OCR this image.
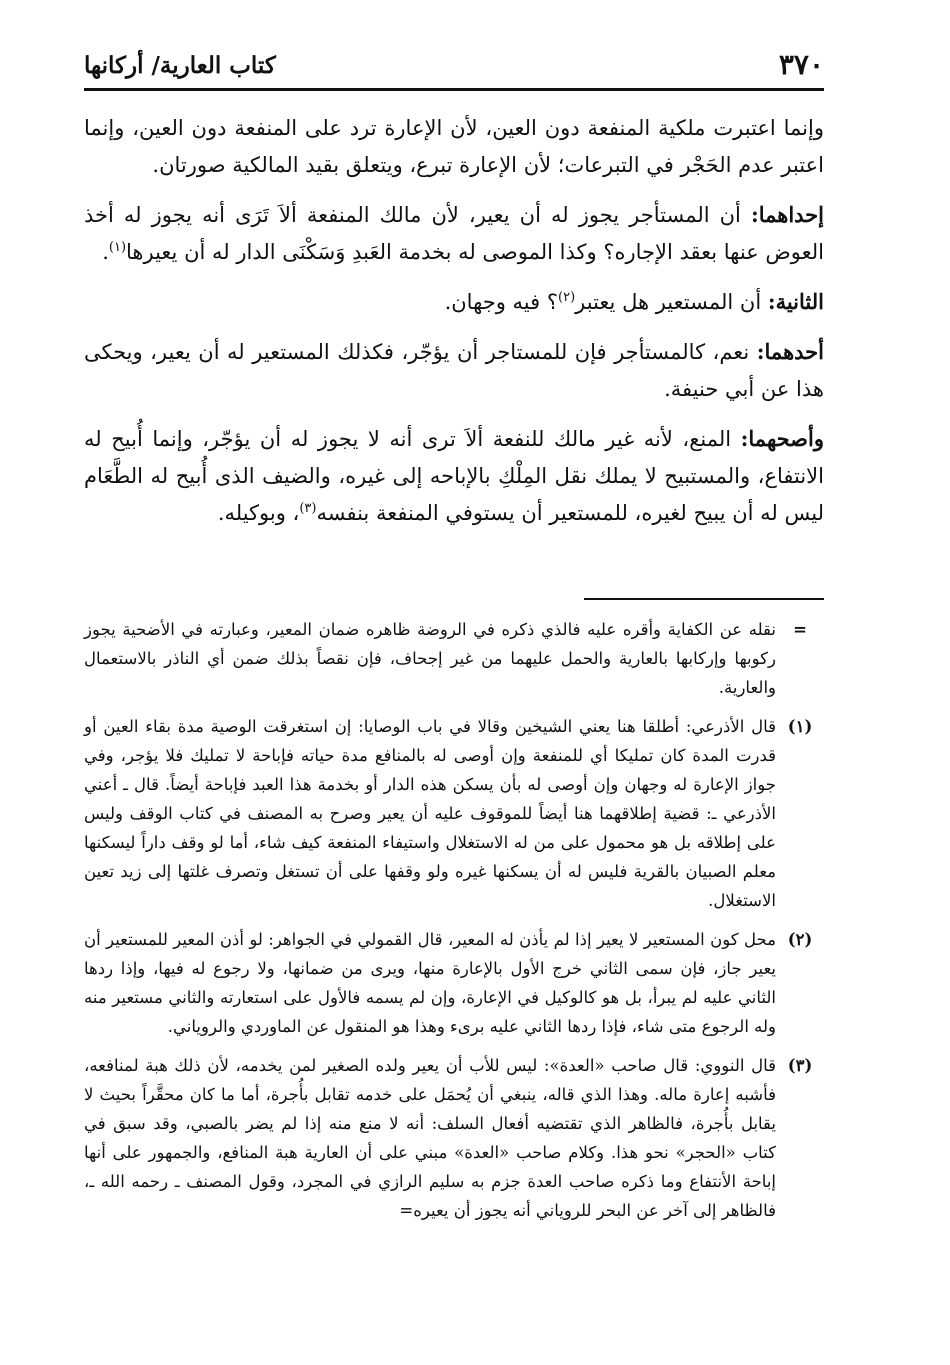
٣٧٠
كتاب العارية/ أركانها

وإنما اعتبرت ملكية المنفعة دون العين، لأن الإعارة ترد على المنفعة دون العين، وإنما اعتبر عدم الحَجْر في التبرعات؛ لأن الإعارة تبرع، ويتعلق بقيد المالكية صورتان.

إحداهما: أن المستأجر يجوز له أن يعير، لأن مالك المنفعة ألاَ تَرَى أنه يجوز له أخذ العوض عنها بعقد الإجاره؟ وكذا الموصى له بخدمة العَبدِ وَسَكْنَى الدار له أن يعيرها$^{(١)}$.

الثانية: أن المستعير هل يعتبر$^{(٢)}$؟ فيه وجهان.

أحدهما: نعم، كالمستأجر فإن للمستاجر أن يؤجّر، فكذلك المستعير له أن يعير، ويحكى هذا عن أبي حنيفة.

وأصحهما: المنع، لأنه غير مالك للنفعة ألاَ ترى أنه لا يجوز له أن يؤجّر، وإنما أُبيح له الانتفاع، والمستبيح لا يملك نقل المِلْكِ بالإباحه إلى غيره، والضيف الذى أُبيح له الطَّعَام ليس له أن يبيح لغيره، للمستعير أن يستوفي المنفعة بنفسه$^{(٣)}$، وبوكيله.

=
نقله عن الكفاية وأقره عليه فالذي ذكره في الروضة ظاهره ضمان المعير، وعبارته في الأضحية يجوز ركوبها وإركابها بالعارية والحمل عليهما من غير إجحاف، فإن نقصاً بذلك ضمن أي الناذر بالاستعمال والعارية.
(١)
قال الأذرعي: أطلقا هنا يعني الشيخين وقالا في باب الوصايا: إن استغرقت الوصية مدة بقاء العين أو قدرت المدة كان تمليكا أي للمنفعة وإن أوصى له بالمنافع مدة حياته فإباحة لا تمليك فلا يؤجر، وفي جواز الإعارة له وجهان وإن أوصى له بأن يسكن هذه الدار أو بخدمة هذا العبد فإباحة أيضاً. قال ـ أعني الأذرعي ـ: قضية إطلاقهما هنا أيضاً للموقوف عليه أن يعير وصرح به المصنف في كتاب الوقف وليس على إطلاقه بل هو محمول على من له الاستغلال واستيفاء المنفعة كيف شاء، أما لو وقف داراً ليسكنها معلم الصبيان بالقرية فليس له أن يسكنها غيره ولو وقفها على أن تستغل وتصرف غلتها إلى زيد تعين الاستغلال.
(٢)
محل كون المستعير لا يعير إذا لم يأذن له المعير، قال القمولي في الجواهر: لو أذن المعير للمستعير أن يعير جاز، فإن سمى الثاني خرج الأول بالإعارة منها، ويرى من ضمانها، ولا رجوع له فيها، وإذا ردها الثاني عليه لم يبرأ، بل هو كالوكيل في الإعارة، وإن لم يسمه فالأول على استعارته والثاني مستعير منه وله الرجوع متى شاء، فإذا ردها الثاني عليه برىء وهذا هو المنقول عن الماوردي والروياني.
(٣)
قال النووي: قال صاحب «العدة»: ليس للأب أن يعير ولده الصغير لمن يخدمه، لأن ذلك هبة لمنافعه، فأشبه إعارة ماله. وهذا الذي قاله، ينبغي أن يُحمَل على خدمه تقابل بأُجرة، أما ما كان محقَّراً بحيث لا يقابل بأُجرة، فالظاهر الذي تقتضيه أفعال السلف: أنه لا منع منه إذا لم يضر بالصبي، وقد سبق في كتاب «الحجر» نحو هذا. وكلام صاحب «العدة» مبني على أن العارية هبة المنافع، والجمهور على أنها إباحة الأنتفاع وما ذكره صاحب العدة جزم به سليم الرازي في المجرد، وقول المصنف ـ رحمه الله ـ، فالظاهر إلى آخر عن البحر للروياني أنه يجوز أن يعيره=
